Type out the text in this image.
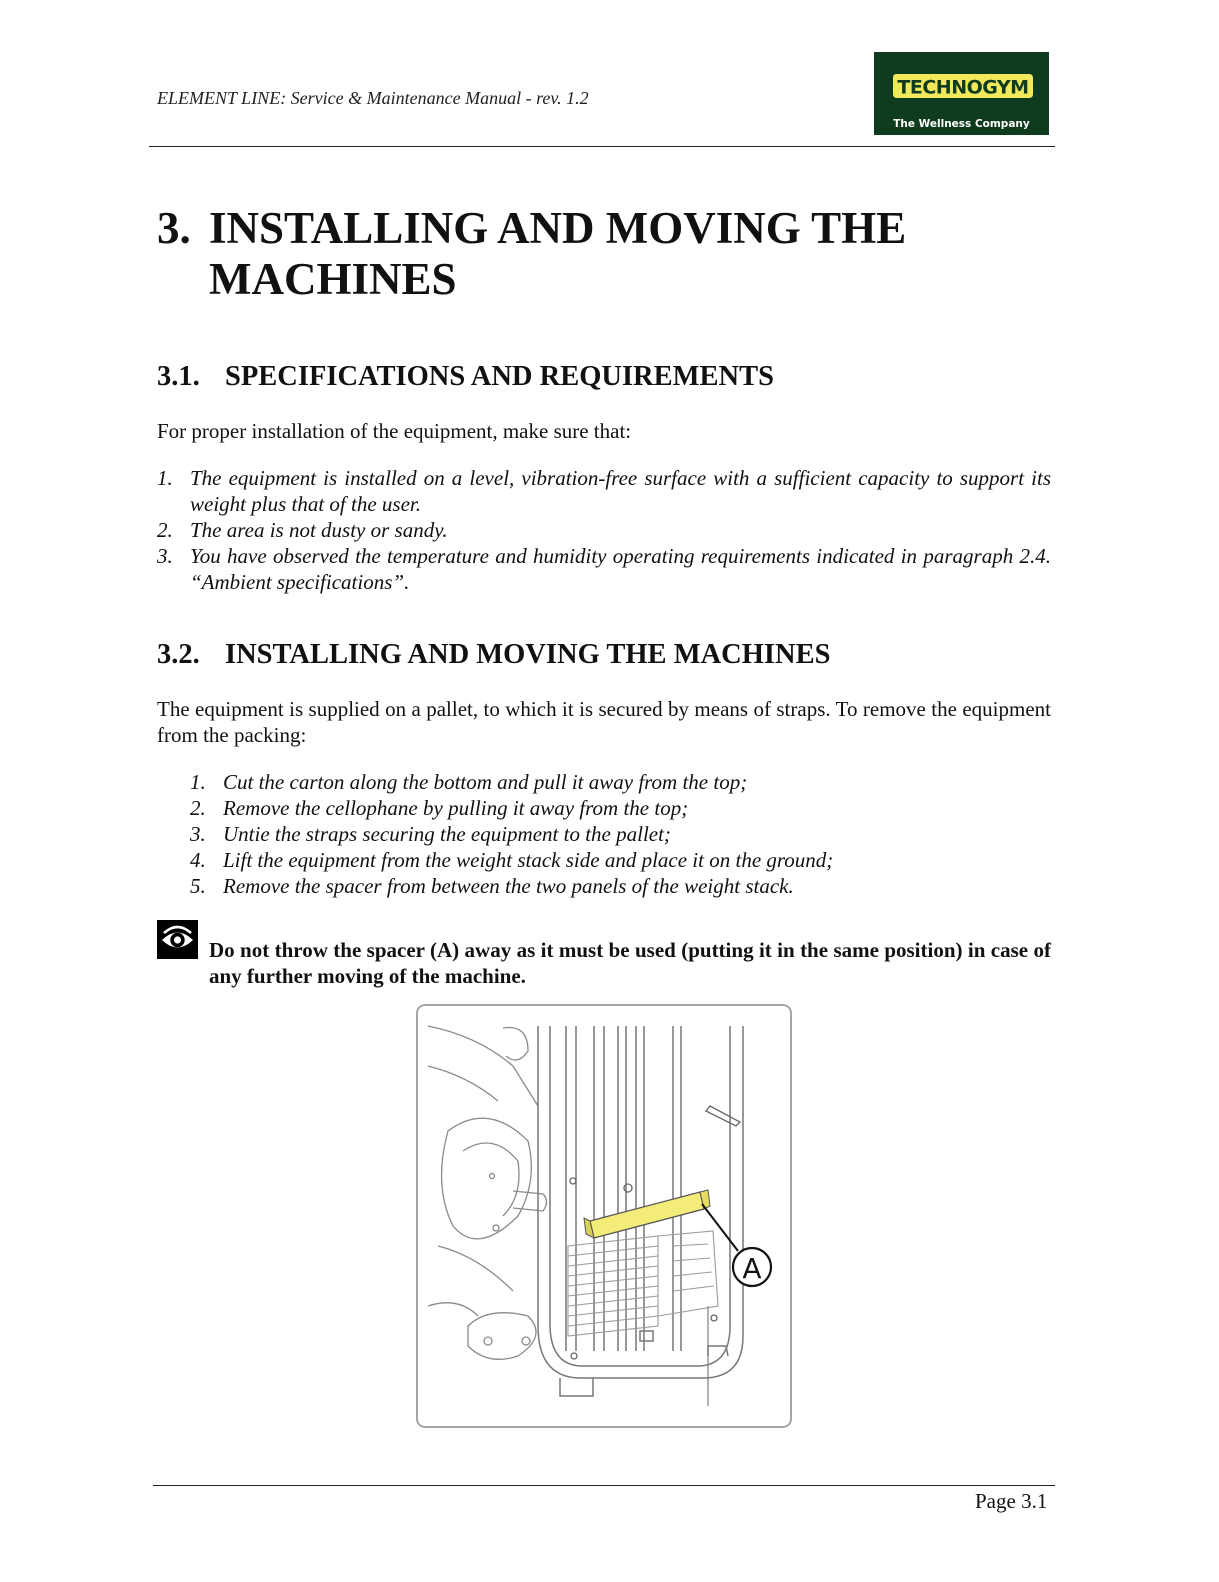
ELEMENT LINE: Service & Maintenance Manual - rev. 1.2	TECHNOGYM
The Wellness Company
3. INSTALLING AND MOVING THE MACHINES
3.1. SPECIFICATIONS AND REQUIREMENTS
For proper installation of the equipment, make sure that:
1. The equipment is installed on a level, vibration-free surface with a sufficient capacity to support its weight plus that of the user.
2. The area is not dusty or sandy.
3. You have observed the temperature and humidity operating requirements indicated in paragraph 2.4. “Ambient specifications”.
3.2. INSTALLING AND MOVING THE MACHINES
The equipment is supplied on a pallet, to which it is secured by means of straps. To remove the equipment from the packing:
1. Cut the carton along the bottom and pull it away from the top;
2. Remove the cellophane by pulling it away from the top;
3. Untie the straps securing the equipment to the pallet;
4. Lift the equipment from the weight stack side and place it on the ground;
5. Remove the spacer from between the two panels of the weight stack.
Do not throw the spacer (A) away as it must be used (putting it in the same position) in case of any further moving of the machine.
A
Page 3.1
